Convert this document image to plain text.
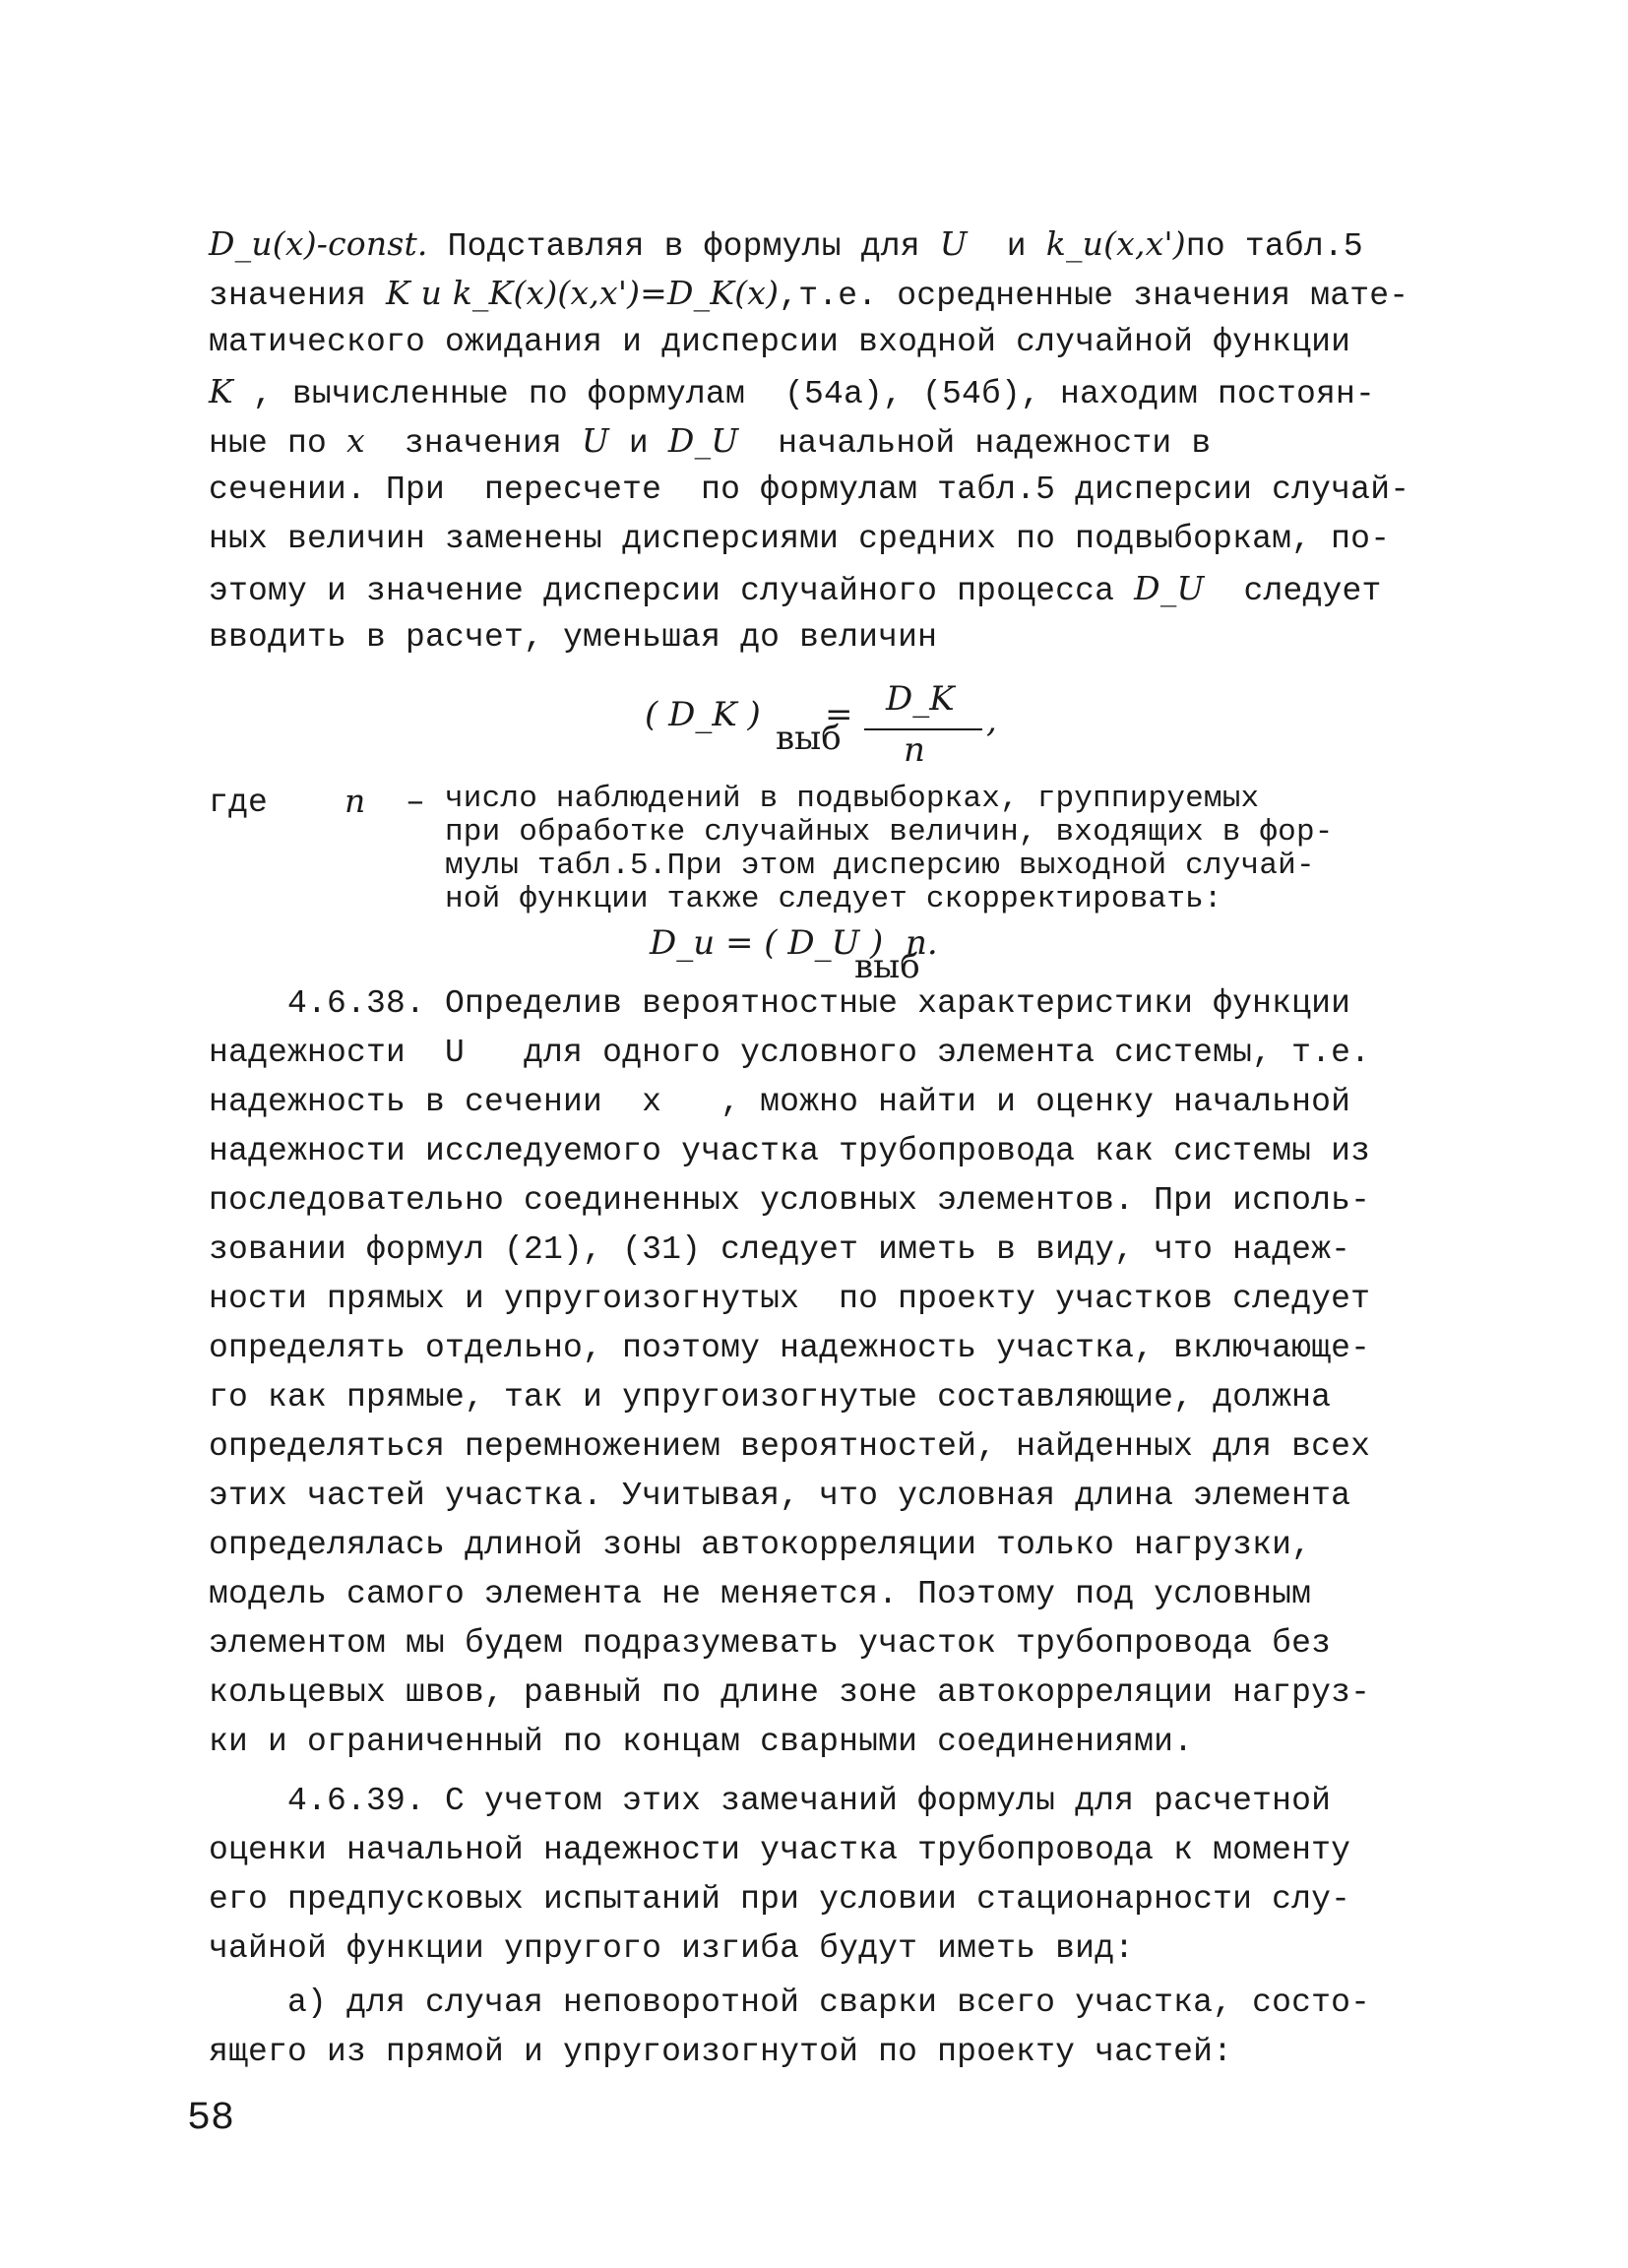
D_u(x)-const. Подставляя в формулы для U  и k_u(x,x')по табл.5
значения K и k_K(x)(x,x')=D_K(x),т.е. осредненные значения мате-
матического ожидания и дисперсии входной случайной функции
K , вычисленные по формулам  (54а), (54б), находим постоян-
ные по x  значения U и D_U  начальной надежности в
сечении. При  пересчете  по формулам табл.5 дисперсии случай-
ных величин заменены дисперсиями средних по подвыборкам, по-
этому и значение дисперсии случайного процесса D_U  следует
вводить в расчет, уменьшая до величин
( D_K )
выб
= D_K
n
,
где	n	– число наблюдений в подвыборках, группируемых
при обработке случайных величин, входящих в фор-
мулы табл.5.При этом дисперсию выходной случай-
ной функции также следует скорректировать:
D_u = ( D_U )
выб
n.
4.6.38. Определив вероятностные характеристики функции
надежности  U   для одного условного элемента системы, т.е.
надежность в сечении  x   , можно найти и оценку начальной
надежности исследуемого участка трубопровода как системы из
последовательно соединенных условных элементов. При исполь-
зовании формул (21), (31) следует иметь в виду, что надеж-
ности прямых и упругоизогнутых  по проекту участков следует
определять отдельно, поэтому надежность участка, включающе-
го как прямые, так и упругоизогнутые составляющие, должна
определяться перемножением вероятностей, найденных для всех
этих частей участка. Учитывая, что условная длина элемента
определялась длиной зоны автокорреляции только нагрузки,
модель самого элемента не меняется. Поэтому под условным
элементом мы будем подразумевать участок трубопровода без
кольцевых швов, равный по длине зоне автокорреляции нагруз-
ки и ограниченный по концам сварными соединениями.
4.6.39. С учетом этих замечаний формулы для расчетной
оценки начальной надежности участка трубопровода к моменту
его предпусковых испытаний при условии стационарности слу-
чайной функции упругого изгиба будут иметь вид:
а) для случая неповоротной сварки всего участка, состо-
ящего из прямой и упругоизогнутой по проекту частей:
58
